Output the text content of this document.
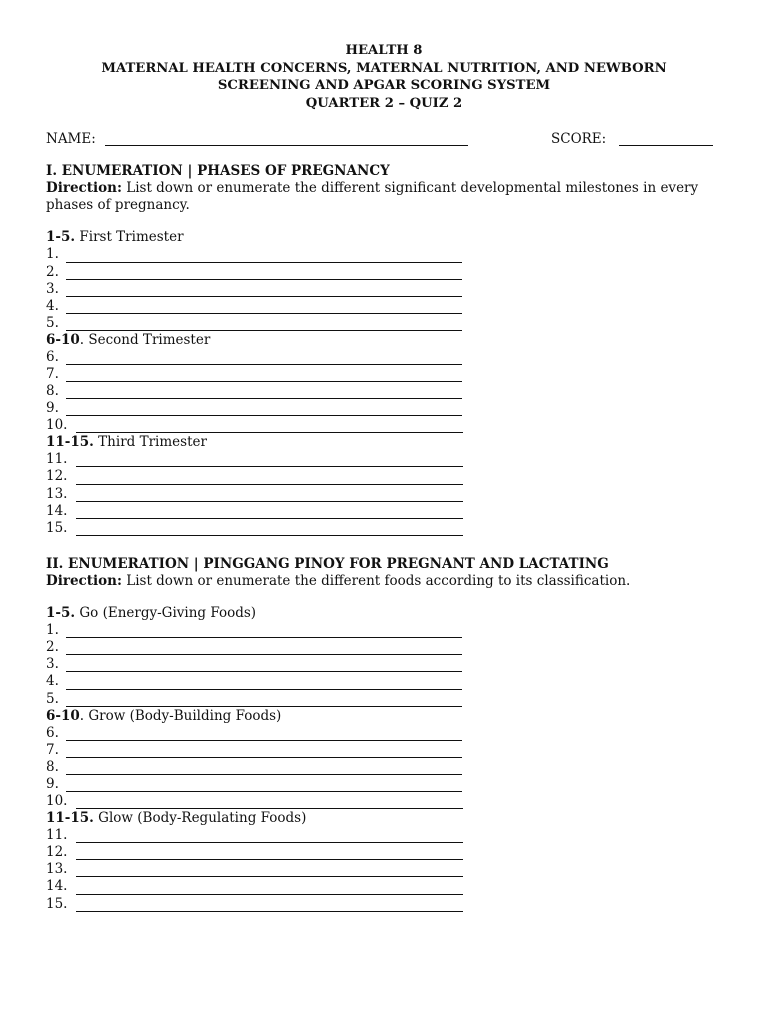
HEALTH 8
MATERNAL HEALTH CONCERNS, MATERNAL NUTRITION, AND NEWBORN
SCREENING AND APGAR SCORING SYSTEM
QUARTER 2 – QUIZ 2
NAME:	SCORE:
I. ENUMERATION | PHASES OF PREGNANCY
Direction: List down or enumerate the different significant developmental milestones in every phases of pregnancy.
1-5. First Trimester
1.
2.
3.
4.
5.
6-10. Second Trimester
6.
7.
8.
9.
10.
11-15. Third Trimester
11.
12.
13.
14.
15.
II. ENUMERATION | PINGGANG PINOY FOR PREGNANT AND LACTATING
Direction: List down or enumerate the different foods according to its classification.
1-5. Go (Energy-Giving Foods)
1.
2.
3.
4.
5.
6-10. Grow (Body-Building Foods)
6.
7.
8.
9.
10.
11-15. Glow (Body-Regulating Foods)
11.
12.
13.
14.
15.
